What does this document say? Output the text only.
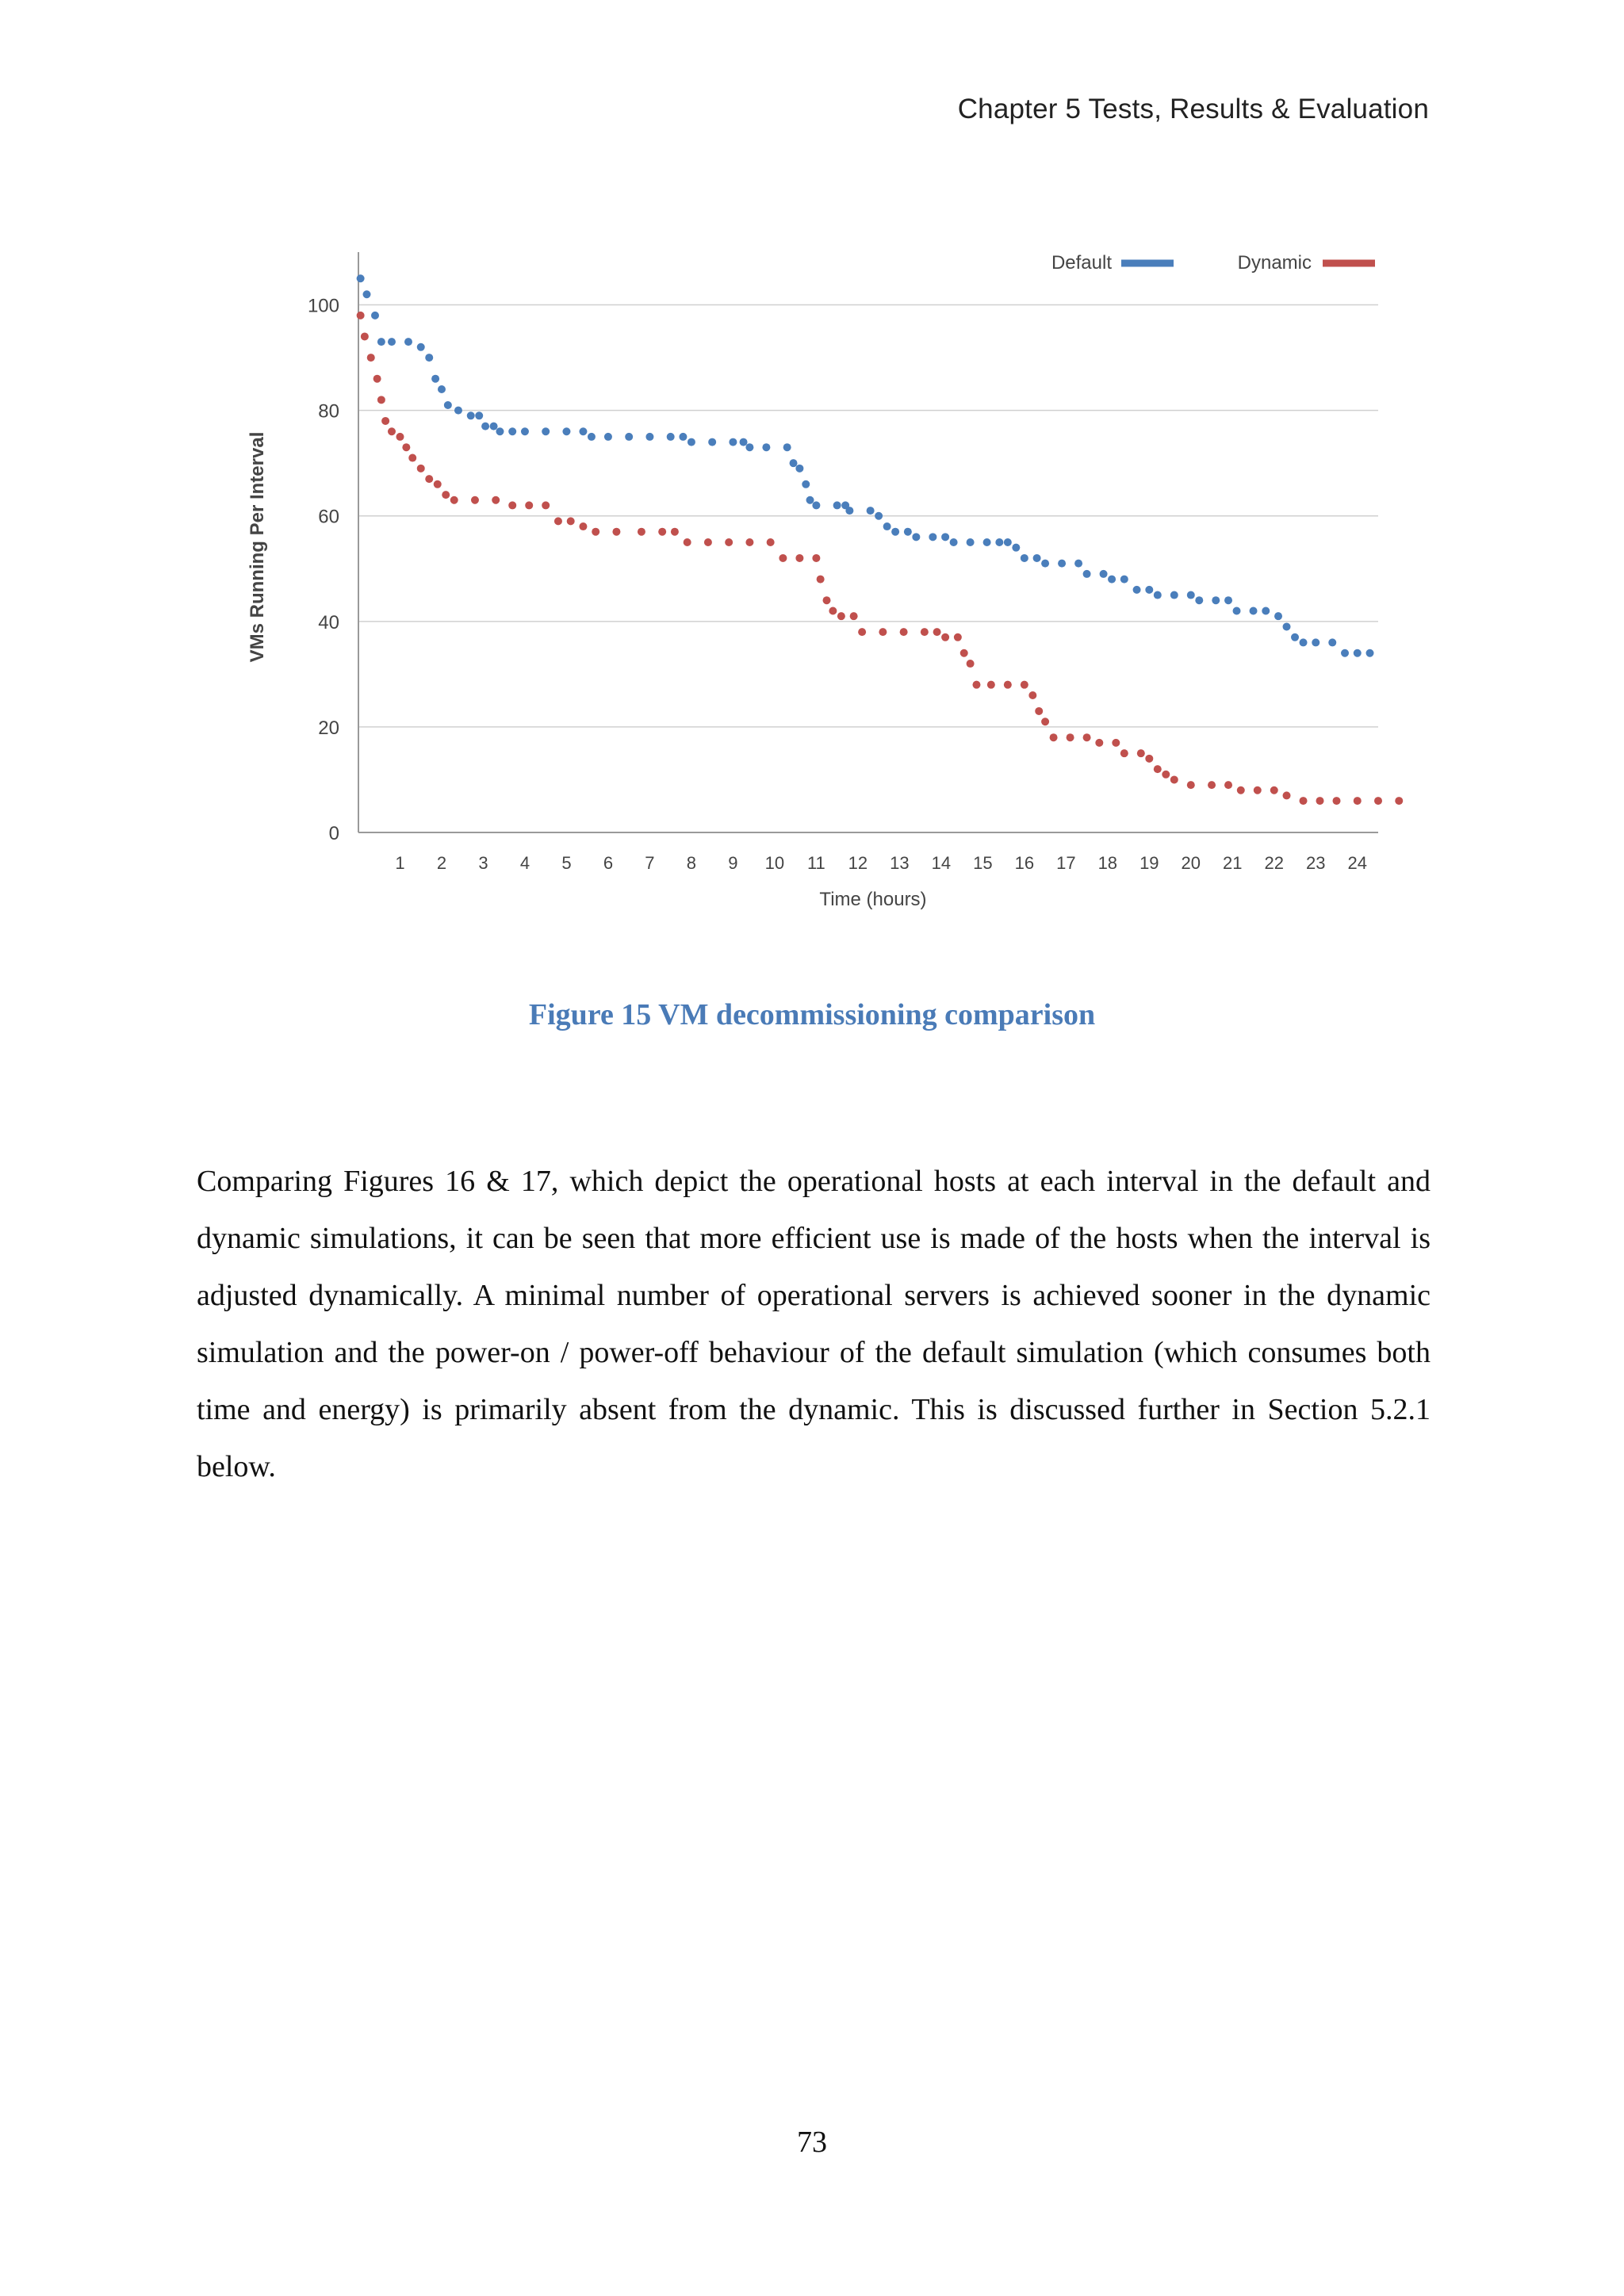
Chapter 5 Tests, Results & Evaluation
0
20
40
60
80
100
1 2 3 4 5 6 7 8 9 10 11 12 13 14 15 16 17 18 19 20 21 22 23 24
Time (hours)
VMs Running Per Interval
Default	Dynamic
Figure 15 VM decommissioning comparison

Comparing Figures 16 & 17, which depict the operational hosts at each interval in the default and dynamic simulations, it can be seen that more efficient use is made of the hosts when the interval is adjusted dynamically. A minimal number of operational servers is achieved sooner in the dynamic simulation and the power-on / power-off behaviour of the default simulation (which consumes both time and energy) is primarily absent from the dynamic. This is discussed further in Section 5.2.1 below.

73
